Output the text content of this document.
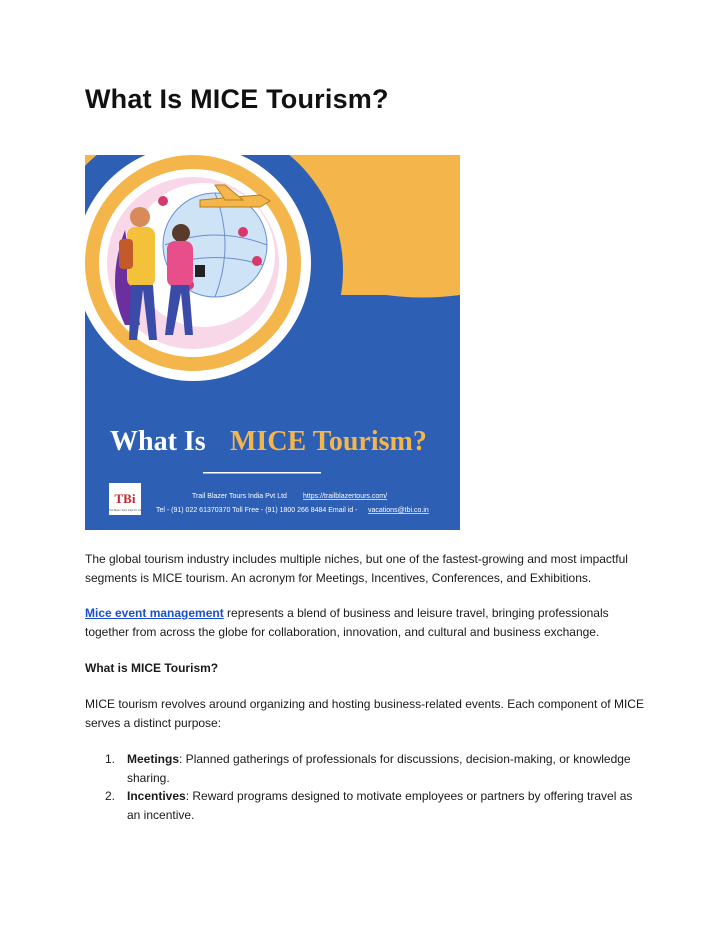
What Is MICE Tourism?
What Is MICE Tourism?
TBi
Trail Blazer Tours India Pvt Ltd
Trail Blazer Tours India Pvt Ltd https://trailblazertours.com/
Tel - (91) 022 61370370 Toll Free - (91) 1800 266 8484 Email id - vacations@tbi.co.in

The global tourism industry includes multiple niches, but one of the fastest-growing and most impactful segments is MICE tourism. An acronym for Meetings, Incentives, Conferences, and Exhibitions.

Mice event management represents a blend of business and leisure travel, bringing professionals together from across the globe for collaboration, innovation, and cultural and business exchange.

What is MICE Tourism?

MICE tourism revolves around organizing and hosting business-related events. Each component of MICE serves a distinct purpose:

1. Meetings: Planned gatherings of professionals for discussions, decision-making, or knowledge sharing.
2. Incentives: Reward programs designed to motivate employees or partners by offering travel as an incentive.
